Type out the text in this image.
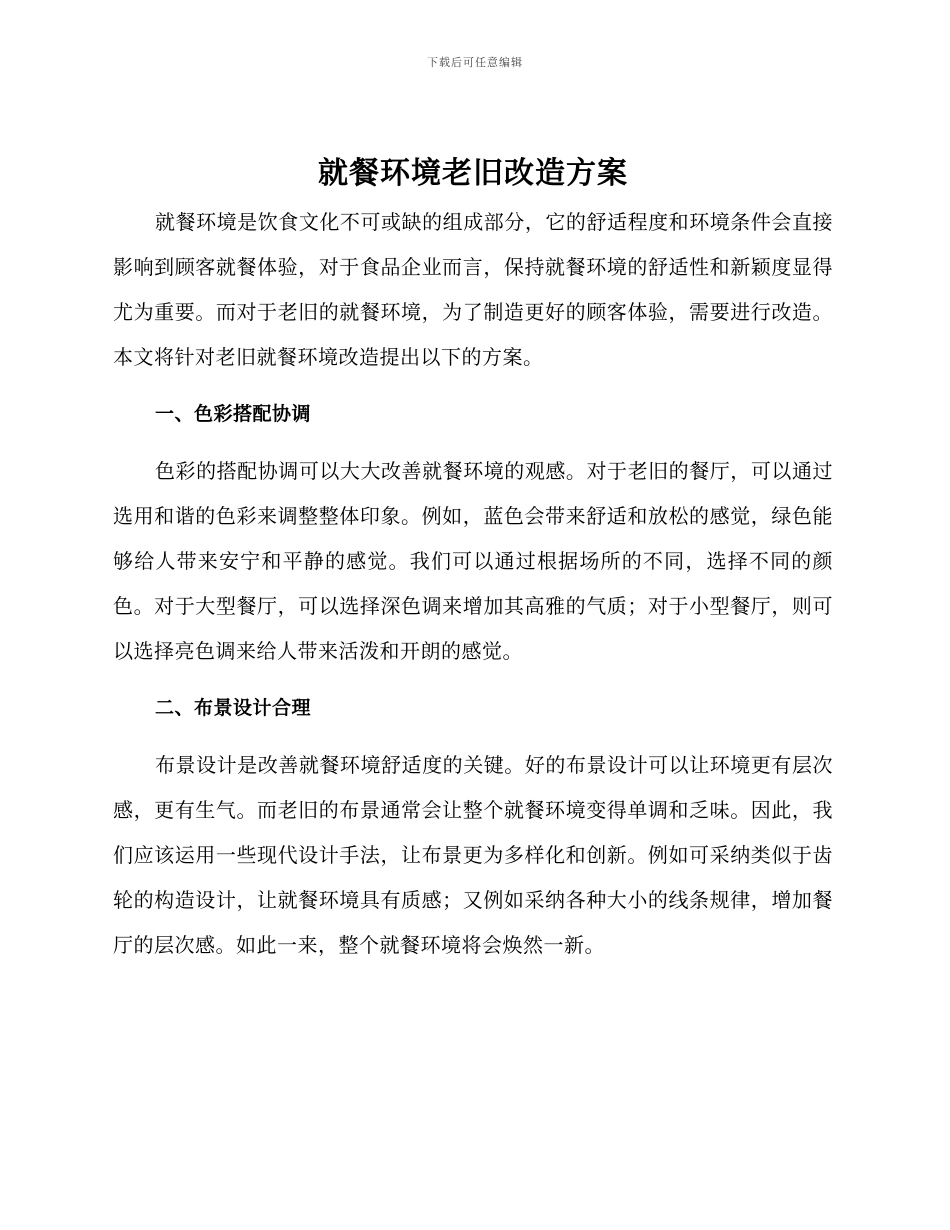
下载后可任意编辑
就餐环境老旧改造方案

就餐环境是饮食文化不可或缺的组成部分，它的舒适程度和环境条件会直接影响到顾客就餐体验，对于食品企业而言，保持就餐环境的舒适性和新颖度显得尤为重要。而对于老旧的就餐环境，为了制造更好的顾客体验，需要进行改造。本文将针对老旧就餐环境改造提出以下的方案。

一、色彩搭配协调

色彩的搭配协调可以大大改善就餐环境的观感。对于老旧的餐厅，可以通过选用和谐的色彩来调整整体印象。例如，蓝色会带来舒适和放松的感觉，绿色能够给人带来安宁和平静的感觉。我们可以通过根据场所的不同，选择不同的颜色。对于大型餐厅，可以选择深色调来增加其高雅的气质；对于小型餐厅，则可以选择亮色调来给人带来活泼和开朗的感觉。

二、布景设计合理

布景设计是改善就餐环境舒适度的关键。好的布景设计可以让环境更有层次感，更有生气。而老旧的布景通常会让整个就餐环境变得单调和乏味。因此，我们应该运用一些现代设计手法，让布景更为多样化和创新。例如可采纳类似于齿轮的构造设计，让就餐环境具有质感；又例如采纳各种大小的线条规律，增加餐厅的层次感。如此一来，整个就餐环境将会焕然一新。
